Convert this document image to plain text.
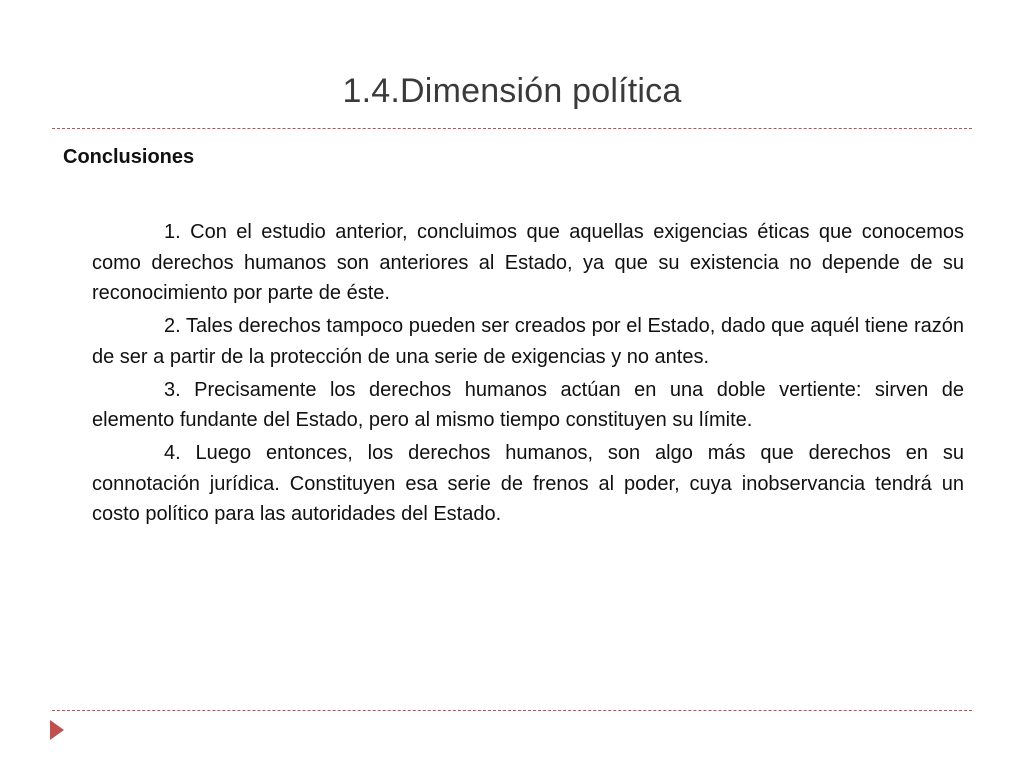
1.4.Dimensión política
Conclusiones

1. Con el estudio anterior, concluimos que aquellas exigencias éticas que conocemos como derechos humanos son anteriores al Estado, ya que su existencia no depende de su reconocimiento por parte de éste.

2. Tales derechos tampoco pueden ser creados por el Estado, dado que aquél tiene razón de ser a partir de la protección de una serie de exigencias y no antes.

3. Precisamente los derechos humanos actúan en una doble vertiente: sirven de elemento fundante del Estado, pero al mismo tiempo constituyen su límite.

4. Luego entonces, los derechos humanos, son algo más que derechos en su connotación jurídica. Constituyen esa serie de frenos al poder, cuya inobservancia tendrá un costo político para las autoridades del Estado.
